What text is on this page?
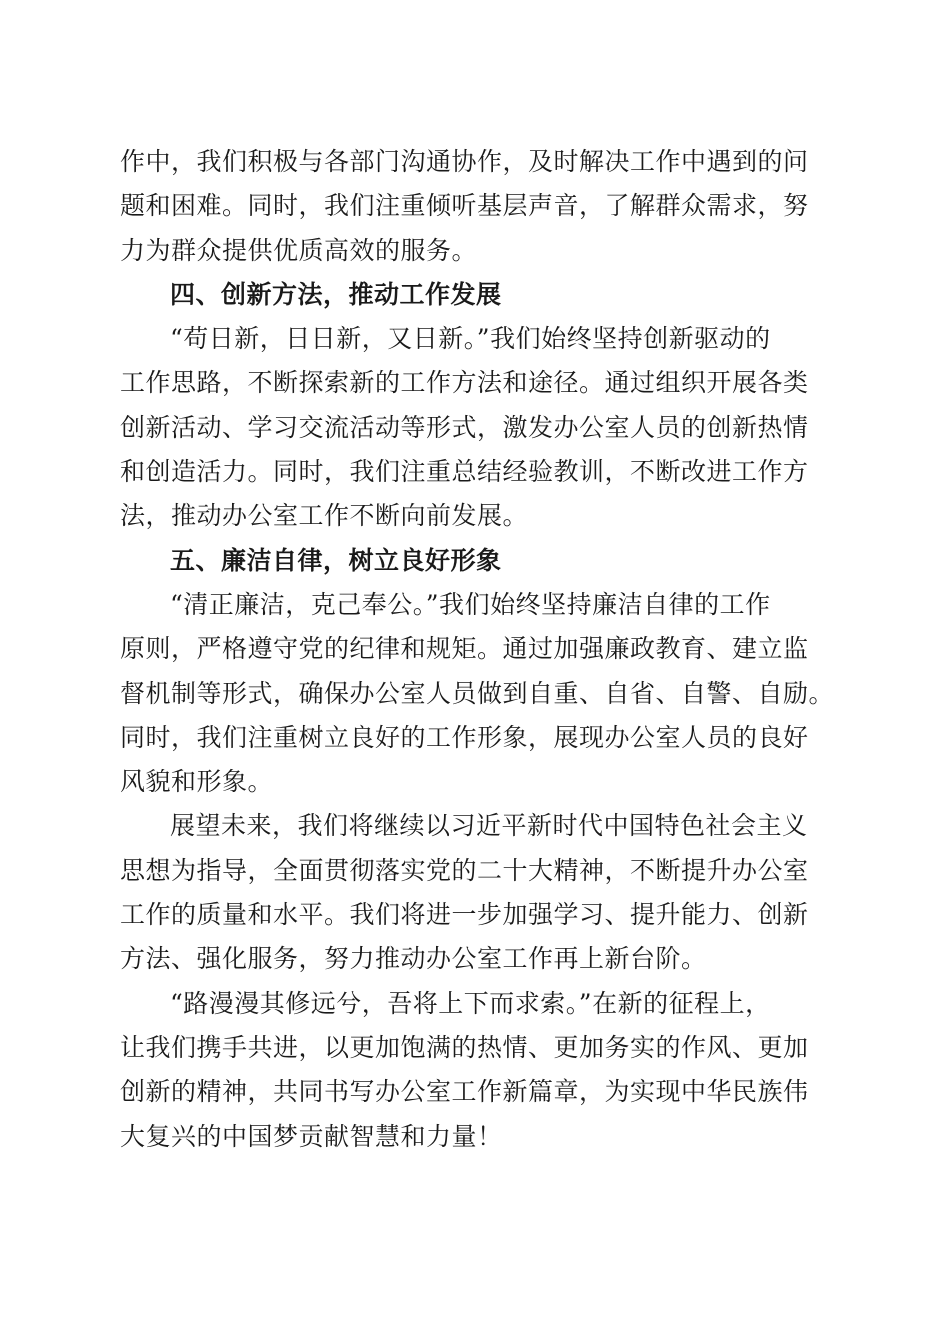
作中，我们积极与各部门沟通协作，及时解决工作中遇到的问
题和困难。同时，我们注重倾听基层声音，了解群众需求，努
力为群众提供优质高效的服务。
四、创新方法，推动工作发展
“苟日新，日日新，又日新。”我们始终坚持创新驱动的
工作思路，不断探索新的工作方法和途径。通过组织开展各类
创新活动、学习交流活动等形式，激发办公室人员的创新热情
和创造活力。同时，我们注重总结经验教训，不断改进工作方
法，推动办公室工作不断向前发展。
五、廉洁自律，树立良好形象
“清正廉洁，克己奉公。”我们始终坚持廉洁自律的工作
原则，严格遵守党的纪律和规矩。通过加强廉政教育、建立监
督机制等形式，确保办公室人员做到自重、自省、自警、自励。
同时，我们注重树立良好的工作形象，展现办公室人员的良好
风貌和形象。
展望未来，我们将继续以习近平新时代中国特色社会主义
思想为指导，全面贯彻落实党的二十大精神，不断提升办公室
工作的质量和水平。我们将进一步加强学习、提升能力、创新
方法、强化服务，努力推动办公室工作再上新台阶。
“路漫漫其修远兮，吾将上下而求索。”在新的征程上，
让我们携手共进，以更加饱满的热情、更加务实的作风、更加
创新的精神，共同书写办公室工作新篇章，为实现中华民族伟
大复兴的中国梦贡献智慧和力量！
